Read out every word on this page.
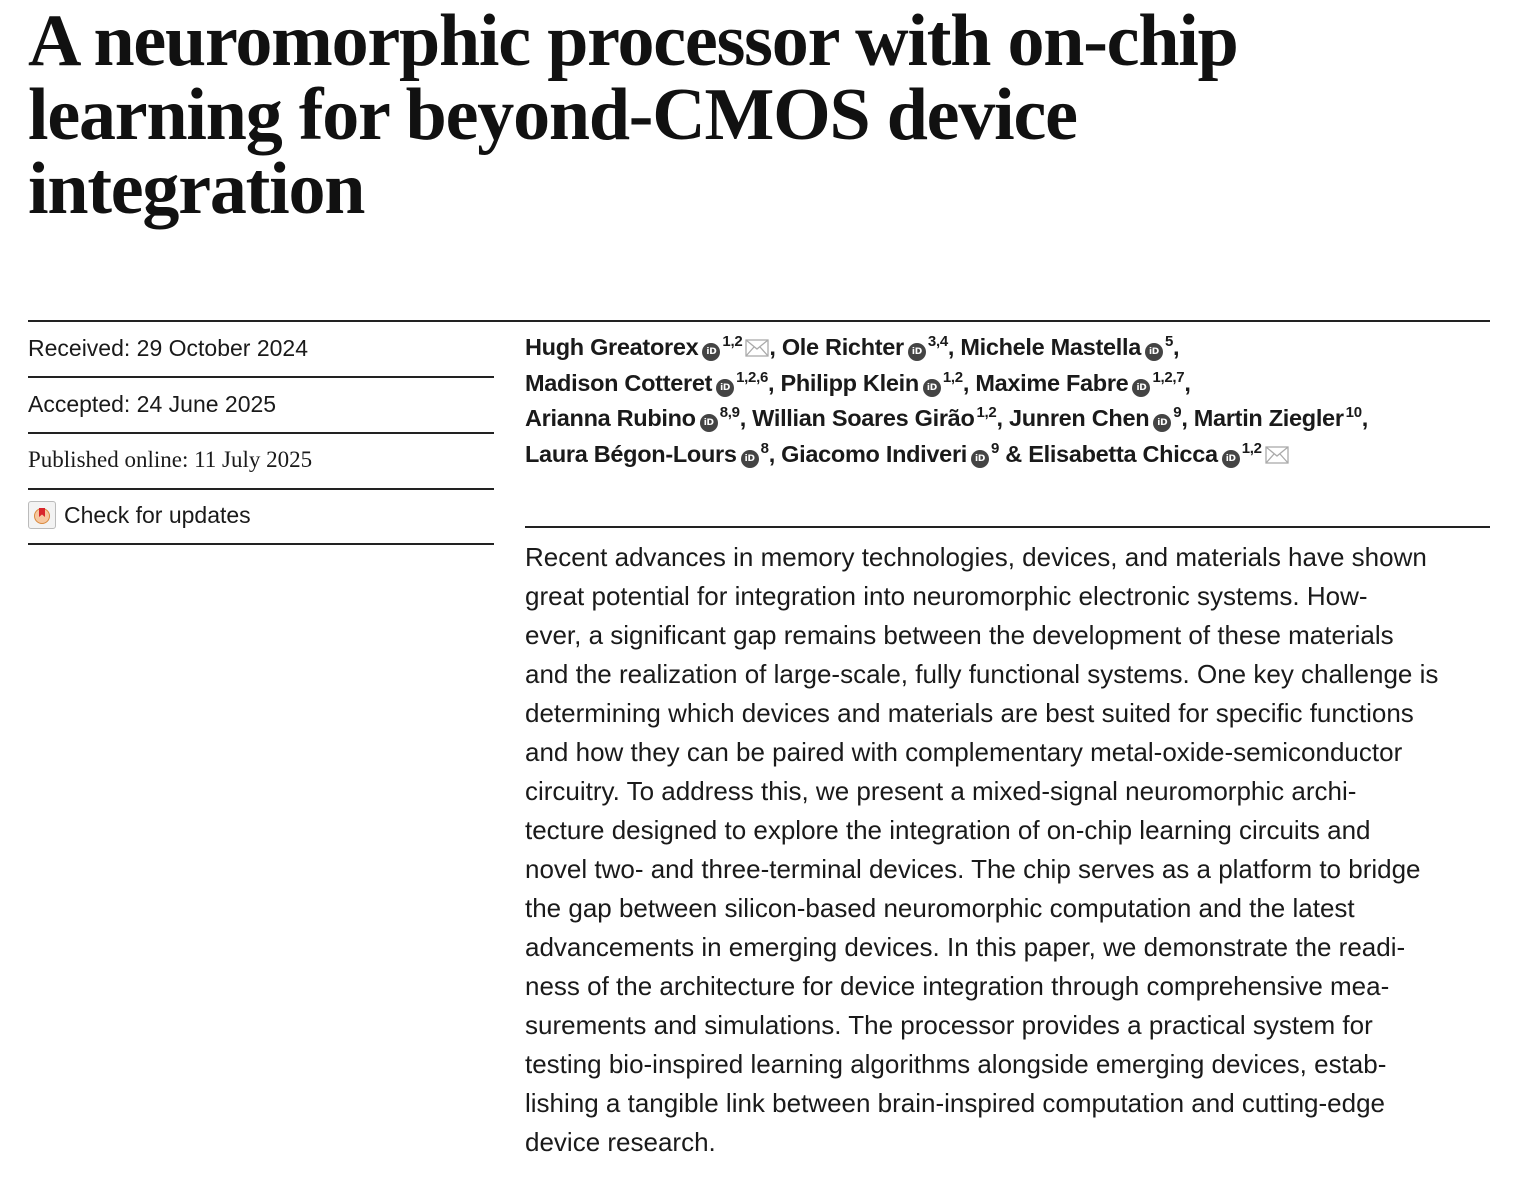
A neuromorphic processor with on-chip
learning for beyond-CMOS device
integration
Received: 29 October 2024
Accepted: 24 June 2025
Published online: 11 July 2025
Check for updates
Hugh Greatorex iD$^{1,2}$ , Ole Richter iD$^{3,4}$, Michele Mastella $iD^5$,
Madison Cotteret iD$^{1,2,6}$, Philipp Klein iD$^{1,2}$, Maxime Fabre iD$^{1,2,7}$,
Arianna Rubino iD$^{8,9}$, Willian Soares Girão $^{1,2}$, Junren Chen $iD^9$, Martin Ziegler $^{10}$,
Laura Bégon-Lours $iD^8$, Giacomo Indiveri $iD^9$ & Elisabetta Chicca iD$^{1,2}$
Recent advances in memory technologies, devices, and materials have shown
great potential for integration into neuromorphic electronic systems. How-
ever, a significant gap remains between the development of these materials
and the realization of large-scale, fully functional systems. One key challenge is
determining which devices and materials are best suited for specific functions
and how they can be paired with complementary metal-oxide-semiconductor
circuitry. To address this, we present a mixed-signal neuromorphic archi-
tecture designed to explore the integration of on-chip learning circuits and
novel two- and three-terminal devices. The chip serves as a platform to bridge
the gap between silicon-based neuromorphic computation and the latest
advancements in emerging devices. In this paper, we demonstrate the readi-
ness of the architecture for device integration through comprehensive mea-
surements and simulations. The processor provides a practical system for
testing bio-inspired learning algorithms alongside emerging devices, estab-
lishing a tangible link between brain-inspired computation and cutting-edge
device research.
